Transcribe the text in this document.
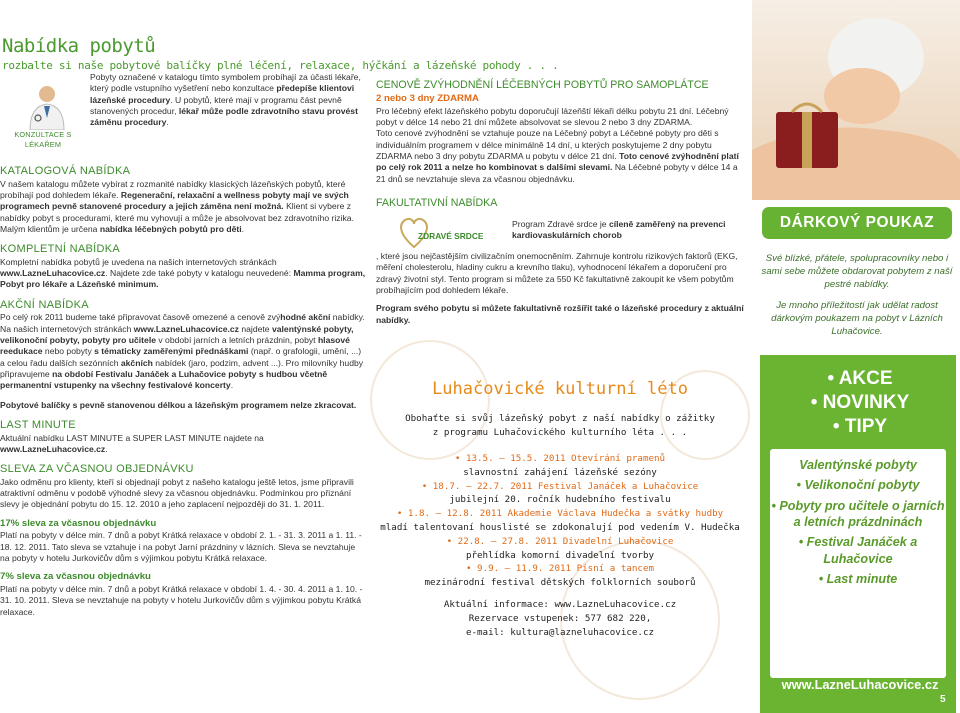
Nabídka pobytů
rozbalte si naše pobytové balíčky plné léčení, relaxace, hýčkání a lázeňské pohody . . .
KONZULTACE S LÉKAŘEM
Pobyty označené v katalogu tímto symbolem probíhají za účasti lékaře, který podle vstupního vyšetření nebo konzultace předepíše klientovi lázeňské procedury. U pobytů, které mají v programu část pevně stanovených procedur, lékař může podle zdravotního stavu provést záměnu procedury.
KATALOGOVÁ NABÍDKA

V našem katalogu můžete vybírat z rozmanité nabídky klasických lázeňských pobytů, které probíhají pod dohledem lékaře. Regenerační, relaxační a wellness pobyty mají ve svých programech pevně stanovené procedury a jejich záměna není možná. Klient si vybere z nabídky pobyt s procedurami, které mu vyhovují a může je absolvovat bez zdravotního rizika. Malým klientům je určena nabídka léčebných pobytů pro děti.

KOMPLETNÍ NABÍDKA

Kompletní nabídka pobytů je uvedena na našich internetových stránkách www.LazneLuhacovice.cz. Najdete zde také pobyty v katalogu neuvedené: Mamma program, Pobyt pro lékaře a Lázeňské minimum.

AKČNÍ NABÍDKA

Po celý rok 2011 budeme také připravovat časově omezené a cenově zvýhodné akční nabídky. Na našich internetových stránkách www.LazneLuhacovice.cz najdete valentýnské pobyty, velikonoční pobyty, pobyty pro učitele v období jarních a letních prázdnin, pobyt hlasové reedukace nebo pobyty s tématicky zaměřenými přednáškami (např. o grafologii, umění, ...) a celou řadu dalších sezónních akčních nabídek (jaro, podzim, advent ...). Pro milovníky hudby připravujeme na období Festivalu Janáček a Luhačovice pobyty s hudbou včetně permanentní vstupenky na všechny festivalové koncerty.

Pobytové balíčky s pevně stanovenou délkou a lázeňským programem nelze zkracovat.

LAST MINUTE

Aktuální nabídku LAST MINUTE a SUPER LAST MINUTE najdete na www.LazneLuhacovice.cz.

SLEVA ZA VČASNOU OBJEDNÁVKU

Jako odměnu pro klienty, kteří si objednají pobyt z našeho katalogu ještě letos, jsme připravili atraktivní odměnu v podobě výhodné slevy za včasnou objednávku. Podmínkou pro přiznání slevy je objednání pobytu do 15. 12. 2010 a jeho zaplacení nejpozději do 31. 1. 2011.

17% sleva za včasnou objednávku

Platí na pobyty v délce min. 7 dnů a pobyt Krátká relaxace v období 2. 1. - 31. 3. 2011 a 1. 11. - 18. 12. 2011. Tato sleva se vztahuje i na pobyt Jarní prázdniny v lázních. Sleva se nevztahuje na pobyty v hotelu Jurkovičův dům s výjimkou pobytu Krátká relaxace.

7% sleva za včasnou objednávku

Platí na pobyty v délce min. 7 dnů a pobyt Krátká relaxace v období 1. 4. - 30. 4. 2011 a 1. 10. - 31. 10. 2011. Sleva se nevztahuje na pobyty v hotelu Jurkovičův dům s výjimkou pobytu Krátká relaxace.

CENOVĚ ZVÝHODNĚNÍ LÉČEBNÝCH POBYTŮ PRO SAMOPLÁTCE
2 nebo 3 dny ZDARMA

Pro léčebný efekt lázeňského pobytu doporučují lázeňští lékaři délku pobytu 21 dní. Léčebný pobyt v délce 14 nebo 21 dní můžete absolvovat se slevou 2 nebo 3 dny ZDARMA.

Toto cenové zvýhodnění se vztahuje pouze na Léčebný pobyt a Léčebné pobyty pro děti s individuálním programem v délce minimálně 14 dní, u kterých poskytujeme 2 dny pobytu ZDARMA nebo 3 dny pobytu ZDARMA u pobytu v délce 21 dní. Toto cenové zvýhodnění platí po celý rok 2011 a nelze ho kombinovat s dalšími slevami. Na Léčebné pobyty v délce 14 a 21 dnů se nevztahuje sleva za včasnou objednávku.

FAKULTATIVNÍ NABÍDKA
ZDRAVÉ SRDCE
Program Zdravé srdce je cíleně zaměřený na prevenci kardiovaskulárních chorob

, které jsou nejčastějším civilizačním onemocněním. Zahrnuje kontrolu rizikových faktorů (EKG, měření cholesterolu, hladiny cukru a krevního tlaku), vyhodnocení lékařem a doporučení pro zdravý životní styl. Tento program si můžete za 550 Kč fakultativně zakoupit ke všem pobytům probíhajícím pod dohledem lékaře.

Program svého pobytu si můžete fakultativně rozšířit také o lázeňské procedury z aktuální nabídky.

Luhačovické kulturní léto
Obohaťte si svůj lázeňský pobyt z naší nabídky o zážitky
z programu Luhačovického kulturního léta . . .
• 13.5. – 15.5. 2011 Otevírání pramenů
slavnostní zahájení lázeňské sezóny
• 18.7. – 22.7. 2011 Festival Janáček a Luhačovice
jubilejní 20. ročník hudebního festivalu
• 1.8. – 12.8. 2011 Akademie Václava Hudečka a svátky hudby
mladí talentovaní houslisté se zdokonalují pod vedením V. Hudečka
• 22.8. – 27.8. 2011 Divadelní Luhačovice
přehlídka komorní divadelní tvorby
• 9.9. – 11.9. 2011 Písní a tancem
mezinárodní festival dětských folklorních souborů
Aktuální informace: www.LazneLuhacovice.cz
Rezervace vstupenek: 577 682 220,
e-mail: kultura@lazneluhacovice.cz
DÁRKOVÝ POUKAZ

Své blízké, přátele, spolupracovníky nebo i sami sebe můžete obdarovat pobytem z naší pestré nabídky.

Je mnoho příležitostí jak udělat radost dárkovým poukazem na pobyt v Lázních Luhačovice.

• AKCE
• NOVINKY
• TIPY
Valentýnské pobyty
• Velikonoční pobyty
• Pobyty pro učitele o jarních a letních prázdninách
• Festival Janáček a Luhačovice
• Last minute
www.LazneLuhacovice.cz
5
